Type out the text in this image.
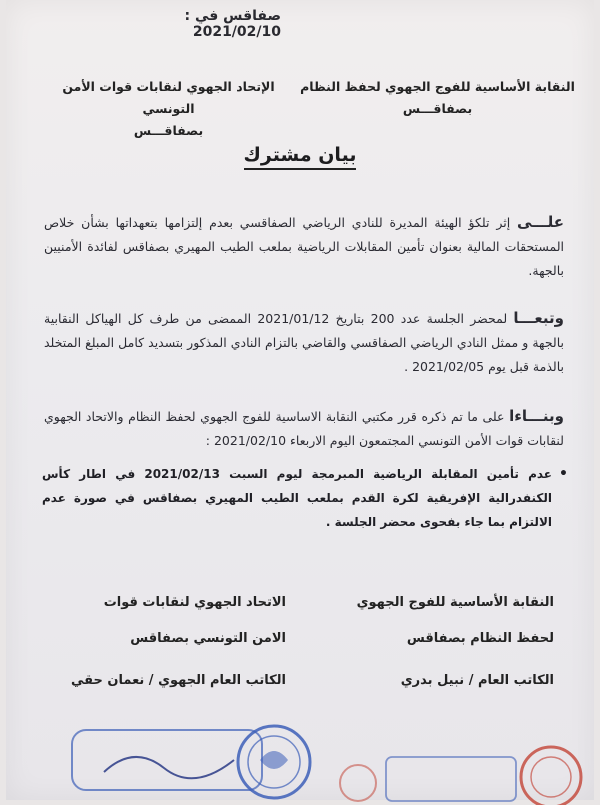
صفاقس في : 2021/02/10
النقابة الأساسية للفوج الجهوي لحفظ النظام
بصفاقـــس
الإتحاد الجهوي لنقابات قوات الأمن التونسي
بصفاقـــس
بيان مشترك
علـــى إثر تلكؤ الهيئة المديرة للنادي الرياضي الصفاقسي بعدم إلتزامها بتعهداتها بشأن خلاص المستحقات المالية بعنوان تأمين المقابلات الرياضية بملعب الطيب المهيري بصفاقس لفائدة الأمنيين بالجهة.
وتبعـــا لمحضر الجلسة عدد 200 بتاريخ 2021/01/12 الممضى من طرف كل الهياكل النقابية بالجهة و ممثل النادي الرياضي الصفاقسي والقاضي بالتزام النادي المذكور بتسديد كامل المبلغ المتخلد بالذمة قبل يوم 2021/02/05 .
وبنـــاءا على ما تم ذكره قرر مكتبي النقابة الاساسية للفوج الجهوي لحفظ النظام والاتحاد الجهوي لنقابات قوات الأمن التونسي المجتمعون اليوم الاربعاء 2021/02/10 :
•
عدم تأمين المقابلة الرياضية المبرمجة ليوم السبت 2021/02/13 في اطار كأس الكنفدرالية الإفريقية لكرة القدم بملعب الطيب المهيري بصفاقس في صورة عدم الالتزام بما جاء بفحوى محضر الجلسة .
النقابة الأساسية للفوج الجهوي
لحفظ النظام بصفاقس
الكاتب العام / نبيل بدري
الاتحاد الجهوي لنقابات قوات
الامن التونسي بصفاقس
الكاتب العام الجهوي / نعمان حقي
